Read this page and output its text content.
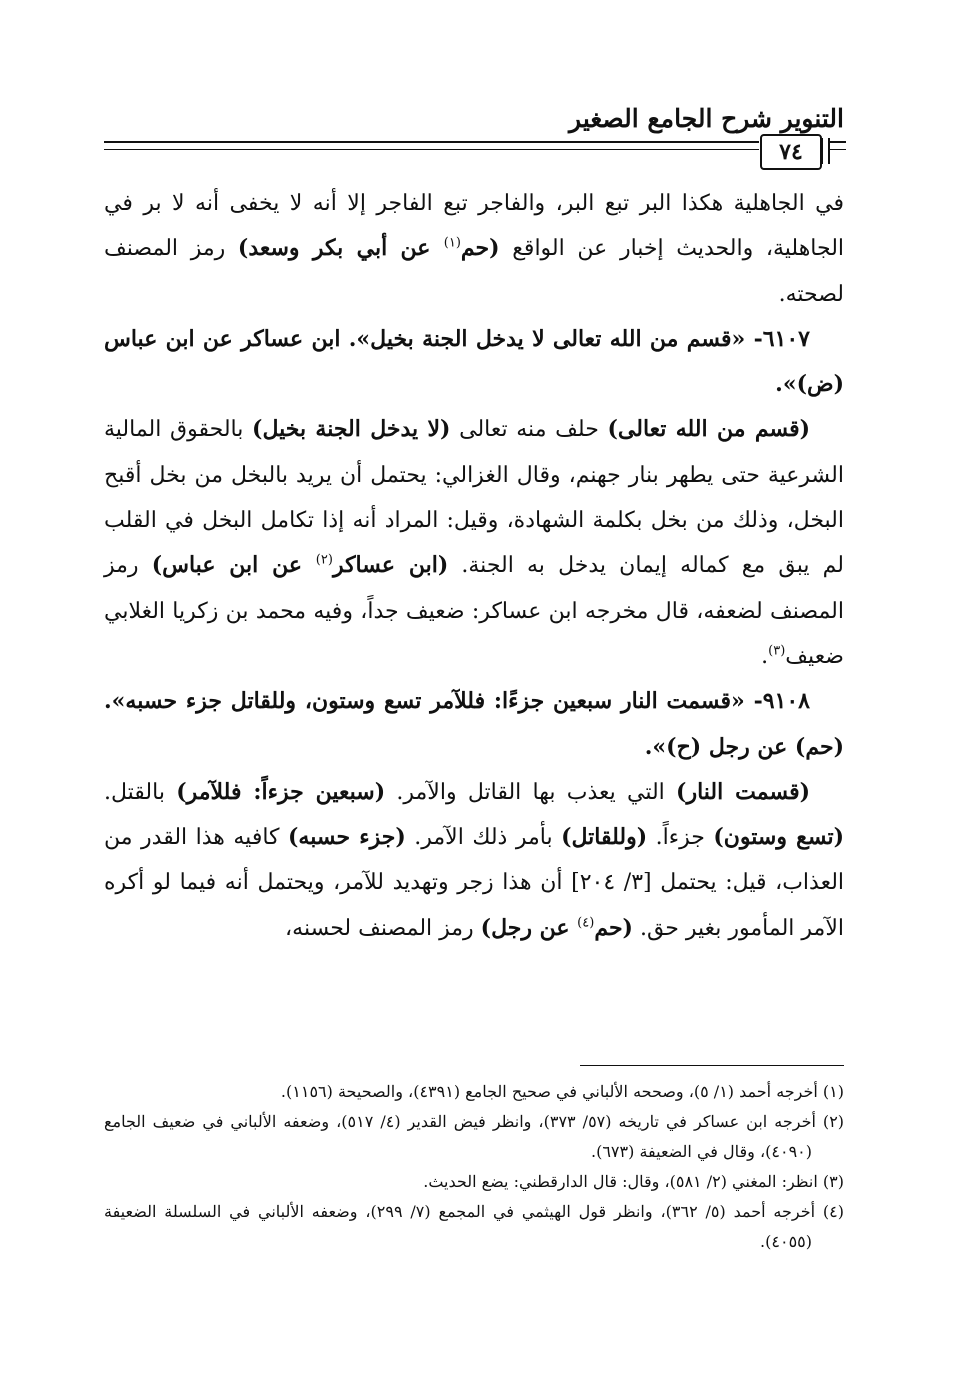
التنوير شرح الجامع الصغير
٧٤

في الجاهلية هكذا البر تبع البر، والفاجر تبع الفاجر إلا أنه لا يخفى أنه لا بر في الجاهلية، والحديث إخبار عن الواقع (حم$^{(١)}$ عن أبي بكر وسعد) رمز المصنف لصحته.

٦١٠٧- «قسم من الله تعالى لا يدخل الجنة بخيل». ابن عساكر عن ابن عباس (ض)».

(قسم من الله تعالى) حلف منه تعالى (لا يدخل الجنة بخيل) بالحقوق المالية الشرعية حتى يطهر بنار جهنم، وقال الغزالي: يحتمل أن يريد بالبخل من بخل أقبح البخل، وذلك من بخل بكلمة الشهادة، وقيل: المراد أنه إذا تكامل البخل في القلب لم يبق مع كماله إيمان يدخل به الجنة. (ابن عساكر$^{(٢)}$ عن ابن عباس) رمز المصنف لضعفه، قال مخرجه ابن عساكر: ضعيف جداً، وفيه محمد بن زكريا الغلابي ضعيف$^{(٣)}$.

٩١٠٨- «قسمت النار سبعين جزءًا: فللآمر تسع وستون، وللقاتل جزء حسبه». (حم) عن رجل (ح)».

(قسمت النار) التي يعذب بها القاتل والآمر. (سبعين جزءاً: فللآمر) بالقتل. (تسع وستون) جزءاً. (وللقاتل) بأمر ذلك الآمر. (جزء حسبه) كافيه هذا القدر من العذاب، قيل: يحتمل [٣/ ٢٠٤] أن هذا زجر وتهديد للآمر، ويحتمل أنه فيما لو أكره الآمر المأمور بغير حق. (حم$^{(٤)}$ عن رجل) رمز المصنف لحسنه،

(١) أخرجه أحمد (١/ ٥)، وصححه الألباني في صحيح الجامع (٤٣٩١)، والصحيحة (١١٥٦).

(٢) أخرجه ابن عساكر في تاريخه (٥٧/ ٣٧٣)، وانظر فيض القدير (٤/ ٥١٧)، وضعفه الألباني في ضعيف الجامع (٤٠٩٠)، وقال في الضعيفة (٦٧٣).

(٣) انظر: المغني (٢/ ٥٨١)، وقال: قال الدارقطني: يضع الحديث.

(٤) أخرجه أحمد (٥/ ٣٦٢)، وانظر قول الهيثمي في المجمع (٧/ ٢٩٩)، وضعفه الألباني في السلسلة الضعيفة (٤٠٥٥).
